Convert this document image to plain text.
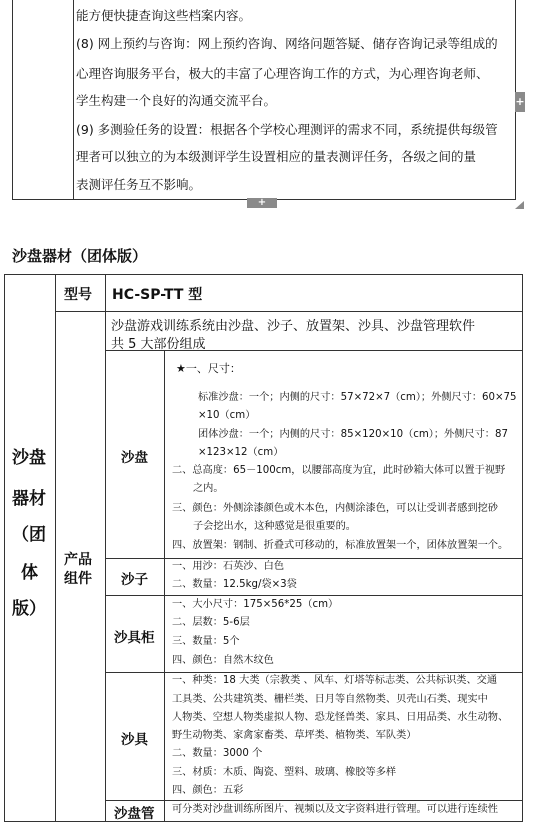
能方便快捷查询这些档案内容。
(8) 网上预约与咨询：网上预约咨询、网络问题答疑、储存咨询记录等组成的
心理咨询服务平台，极大的丰富了心理咨询工作的方式，为心理咨询老师、
学生构建一个良好的沟通交流平台。
(9) 多测验任务的设置：根据各个学校心理测评的需求不同，系统提供每级管
理者可以独立的为本级测评学生设置相应的量表测评任务，各级之间的量
表测评任务互不影响。
+
+
沙盘器材（团体版）
沙盘
器材
（团
体
版）
型号 HC-SP-TT 型
产品
组件
沙盘游戏训练系统由沙盘、沙子、放置架、沙具、沙盘管理软件
共 5 大部份组成
沙盘
★一、尺寸：
标准沙盘：一个；内侧的尺寸：57×72×7（cm）；外侧尺寸：60×75
×10（cm）
团体沙盘：一个；内侧的尺寸：85×120×10（cm）；外侧尺寸：87
×123×12（cm）
二、总高度：65－100cm，以腰部高度为宜，此时砂箱大体可以置于视野
之内。
三、颜色：外侧涂漆颜色或木本色，内侧涂漆色，可以让受训者感到挖砂
子会挖出水，这种感觉是很重要的。
四、放置架：钢制、折叠式可移动的，标准放置架一个，团体放置架一个。
沙子
一、用沙：石英沙、白色
二、数量：12.5kg/袋×3袋
沙具柜
一、大小尺寸：175×56*25（cm）
二、层数：5-6层
三、数量：5个
四、颜色：自然木纹色
沙具
一、种类：18 大类（宗教类 、风车、灯塔等标志类、公共标识类、交通
工具类、公共建筑类、栅栏类、日月等自然物类、贝壳山石类、现实中
人物类、空想人物类虚拟人物、恐龙怪兽类、家具、日用品类、水生动物、
野生动物类、家禽家畜类、草坪类、植物类、军队类）
二、数量：3000 个
三、材质：木质、陶瓷、塑料、玻璃、橡胶等多样
四、颜色：五彩
沙盘管 可分类对沙盘训练所图片、视频以及文字资料进行管理。可以进行连续性
